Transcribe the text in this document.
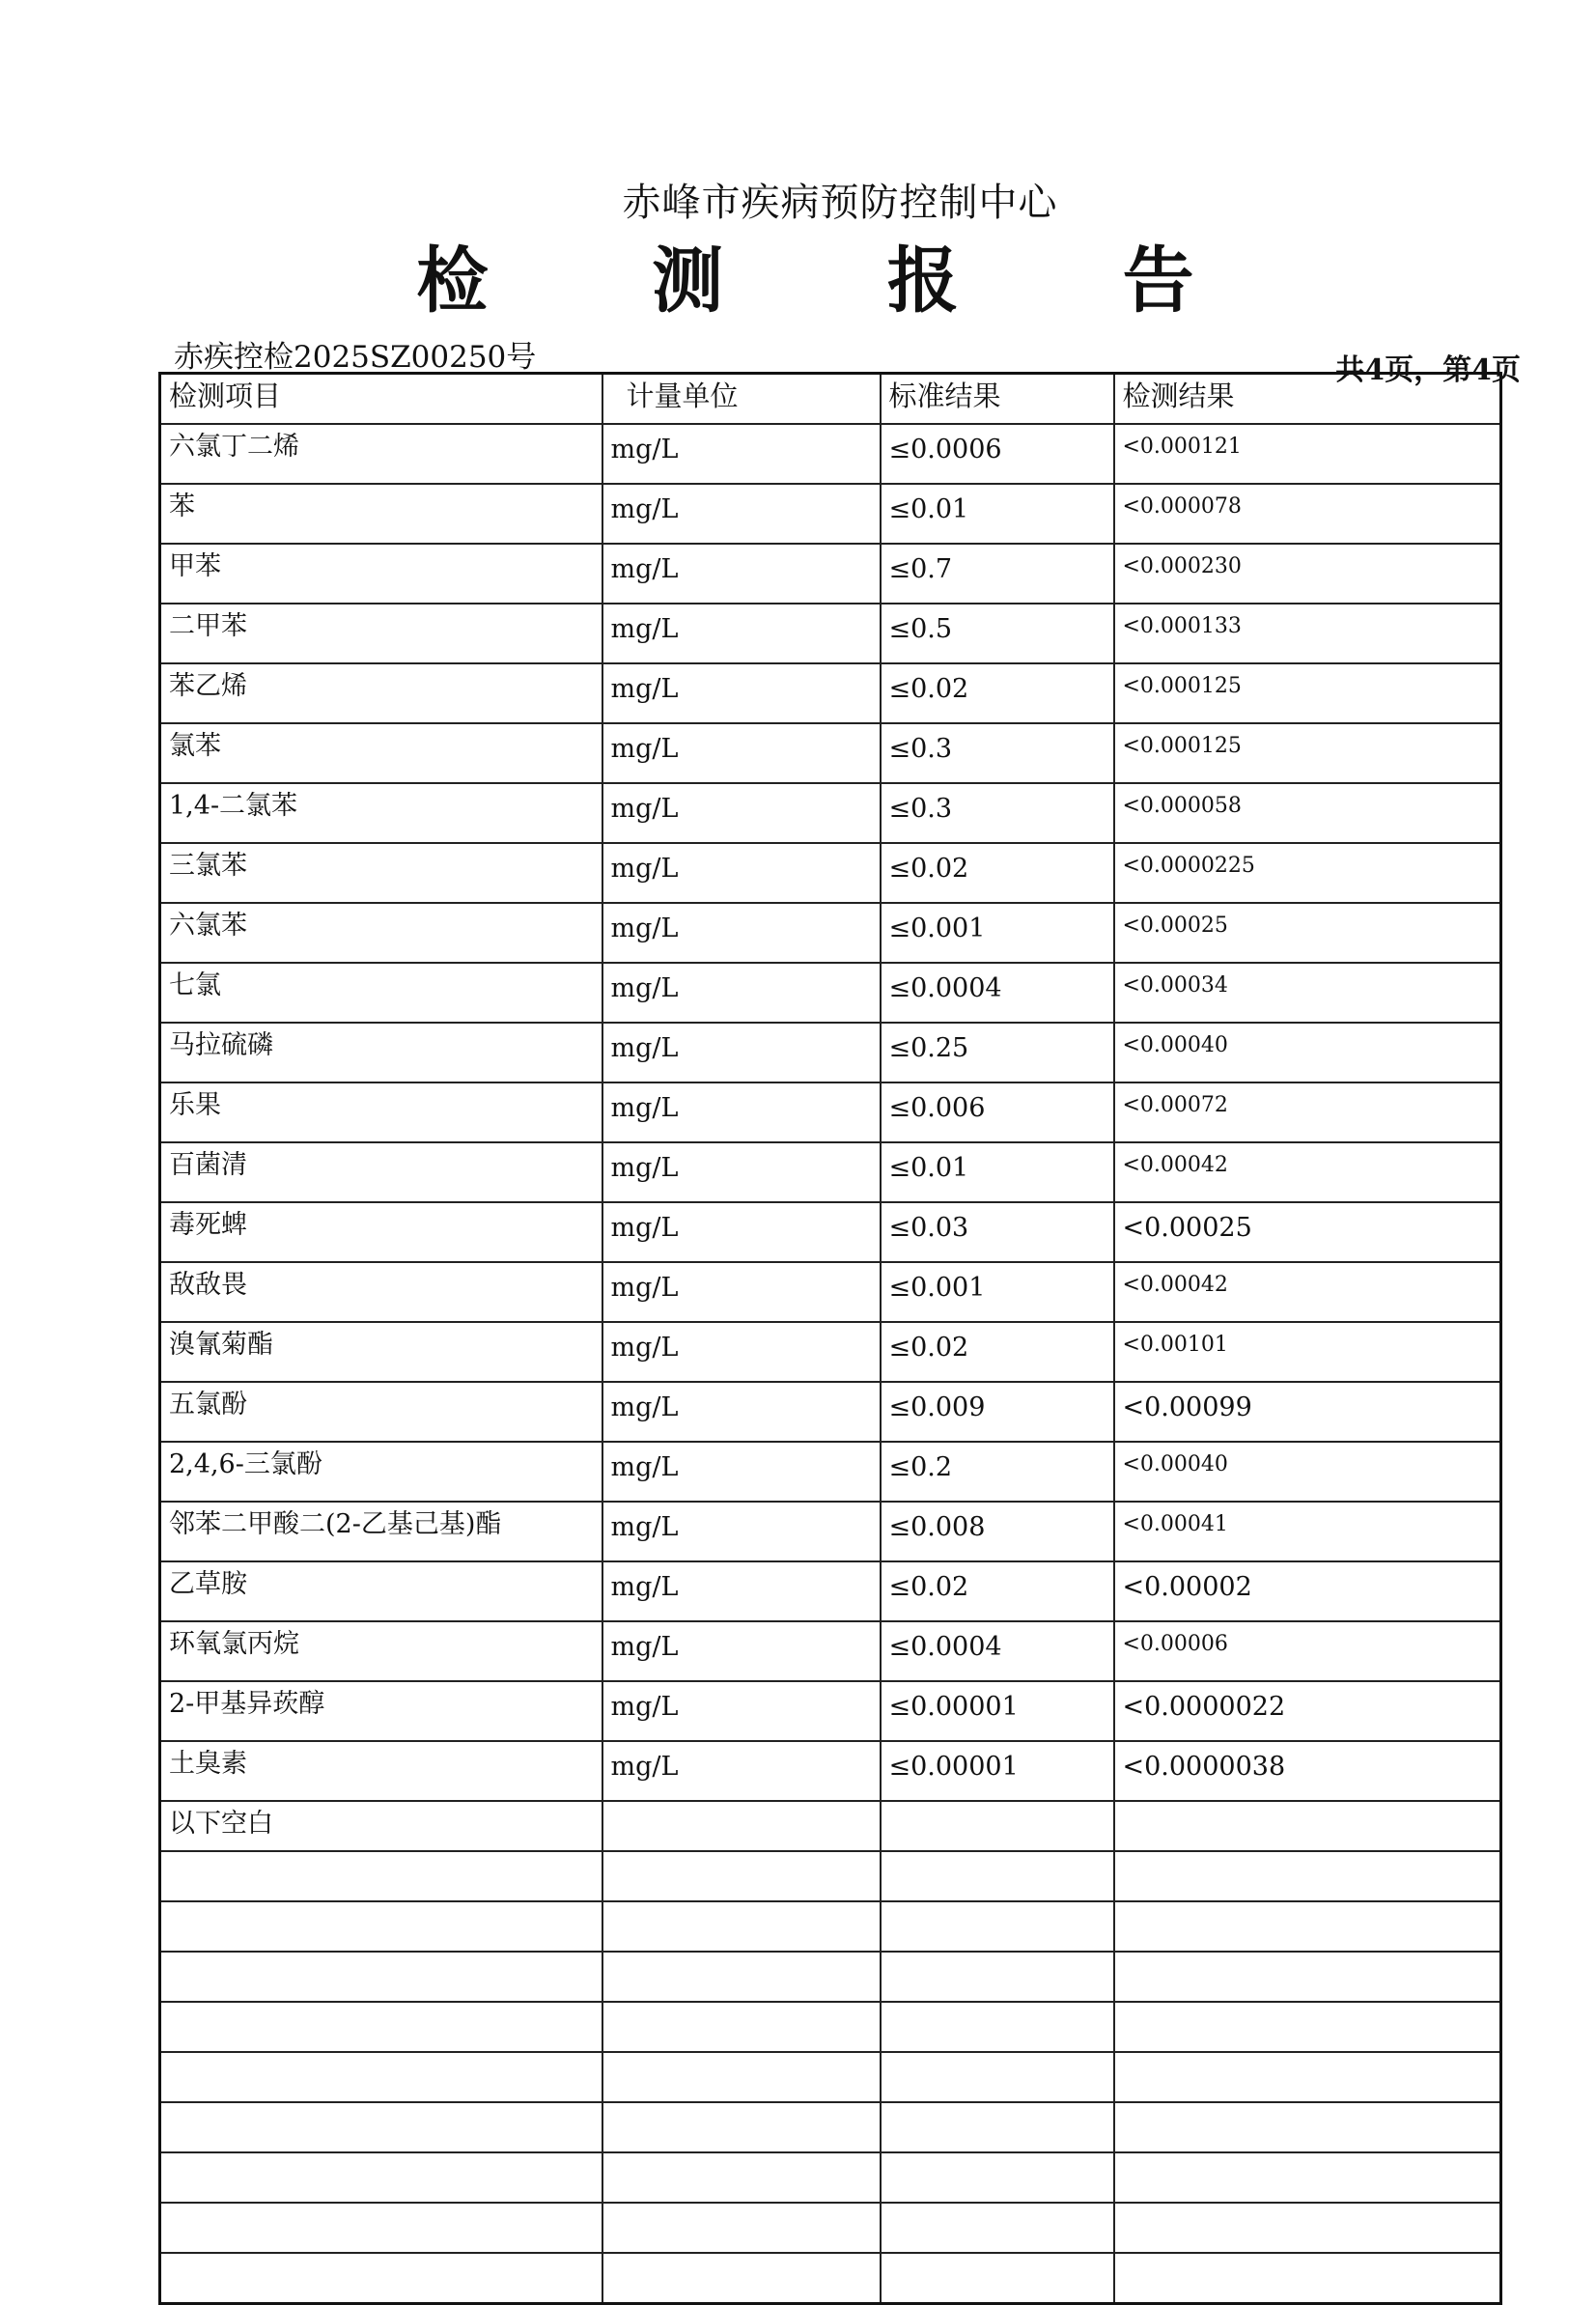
赤峰市疾病预防控制中心
检 测 报 告
赤疾控检2025SZ00250号	共4页，第4页
检测项目	计量单位	标准结果	检测结果
六氯丁二烯	mg/L	≤0.0006	<0.000121
苯	mg/L	≤0.01	<0.000078
甲苯	mg/L	≤0.7	<0.000230
二甲苯	mg/L	≤0.5	<0.000133
苯乙烯	mg/L	≤0.02	<0.000125
氯苯	mg/L	≤0.3	<0.000125
1,4-二氯苯	mg/L	≤0.3	<0.000058
三氯苯	mg/L	≤0.02	<0.0000225
六氯苯	mg/L	≤0.001	<0.00025
七氯	mg/L	≤0.0004	<0.00034
马拉硫磷	mg/L	≤0.25	<0.00040
乐果	mg/L	≤0.006	<0.00072
百菌清	mg/L	≤0.01	<0.00042
毒死蜱	mg/L	≤0.03	<0.00025
敌敌畏	mg/L	≤0.001	<0.00042
溴氰菊酯	mg/L	≤0.02	<0.00101
五氯酚	mg/L	≤0.009	<0.00099
2,4,6-三氯酚	mg/L	≤0.2	<0.00040
邻苯二甲酸二(2-乙基己基)酯	mg/L	≤0.008	<0.00041
乙草胺	mg/L	≤0.02	<0.00002
环氧氯丙烷	mg/L	≤0.0004	<0.00006
2-甲基异莰醇	mg/L	≤0.00001	<0.0000022
土臭素	mg/L	≤0.00001	<0.0000038
以下空白			
